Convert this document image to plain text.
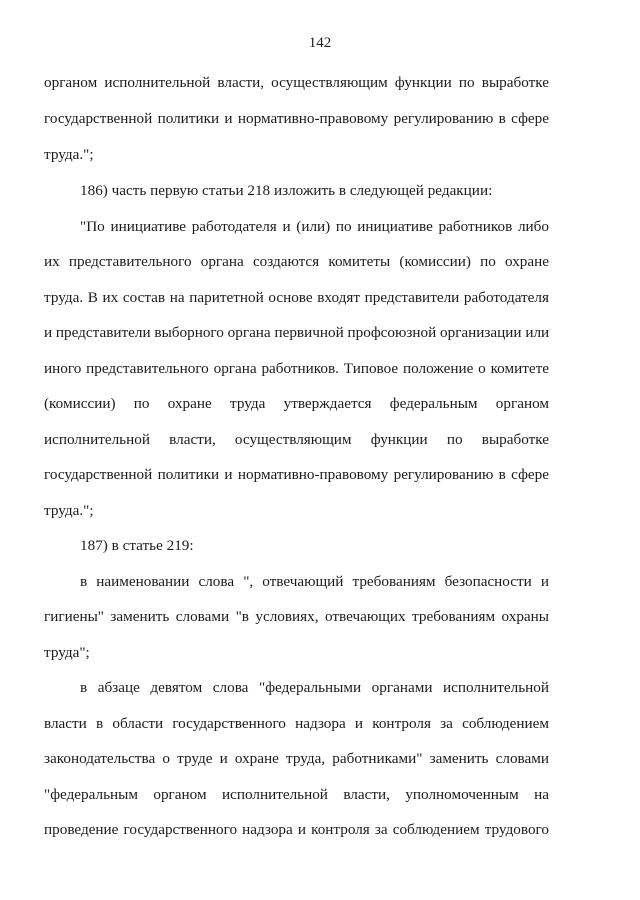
142
органом исполнительной власти, осуществляющим функции по выработке
государственной политики и нормативно-правовому регулированию в сфере
труда.";
186) часть первую статьи 218 изложить в следующей редакции:
"По инициативе работодателя и (или) по инициативе работников либо
их представительного органа создаются комитеты (комиссии) по охране
труда. В их состав на паритетной основе входят представители работодателя
и представители выборного органа первичной профсоюзной организации или
иного представительного органа работников. Типовое положение о комитете
(комиссии) по охране труда утверждается федеральным органом
исполнительной власти, осуществляющим функции по выработке
государственной политики и нормативно-правовому регулированию в сфере
труда.";
187) в статье 219:
в наименовании слова ", отвечающий требованиям безопасности и
гигиены" заменить словами "в условиях, отвечающих требованиям охраны
труда";
в абзаце девятом слова "федеральными органами исполнительной
власти в области государственного надзора и контроля за соблюдением
законодательства о труде и охране труда, работниками" заменить словами
"федеральным органом исполнительной власти, уполномоченным на
проведение государственного надзора и контроля за соблюдением трудового
